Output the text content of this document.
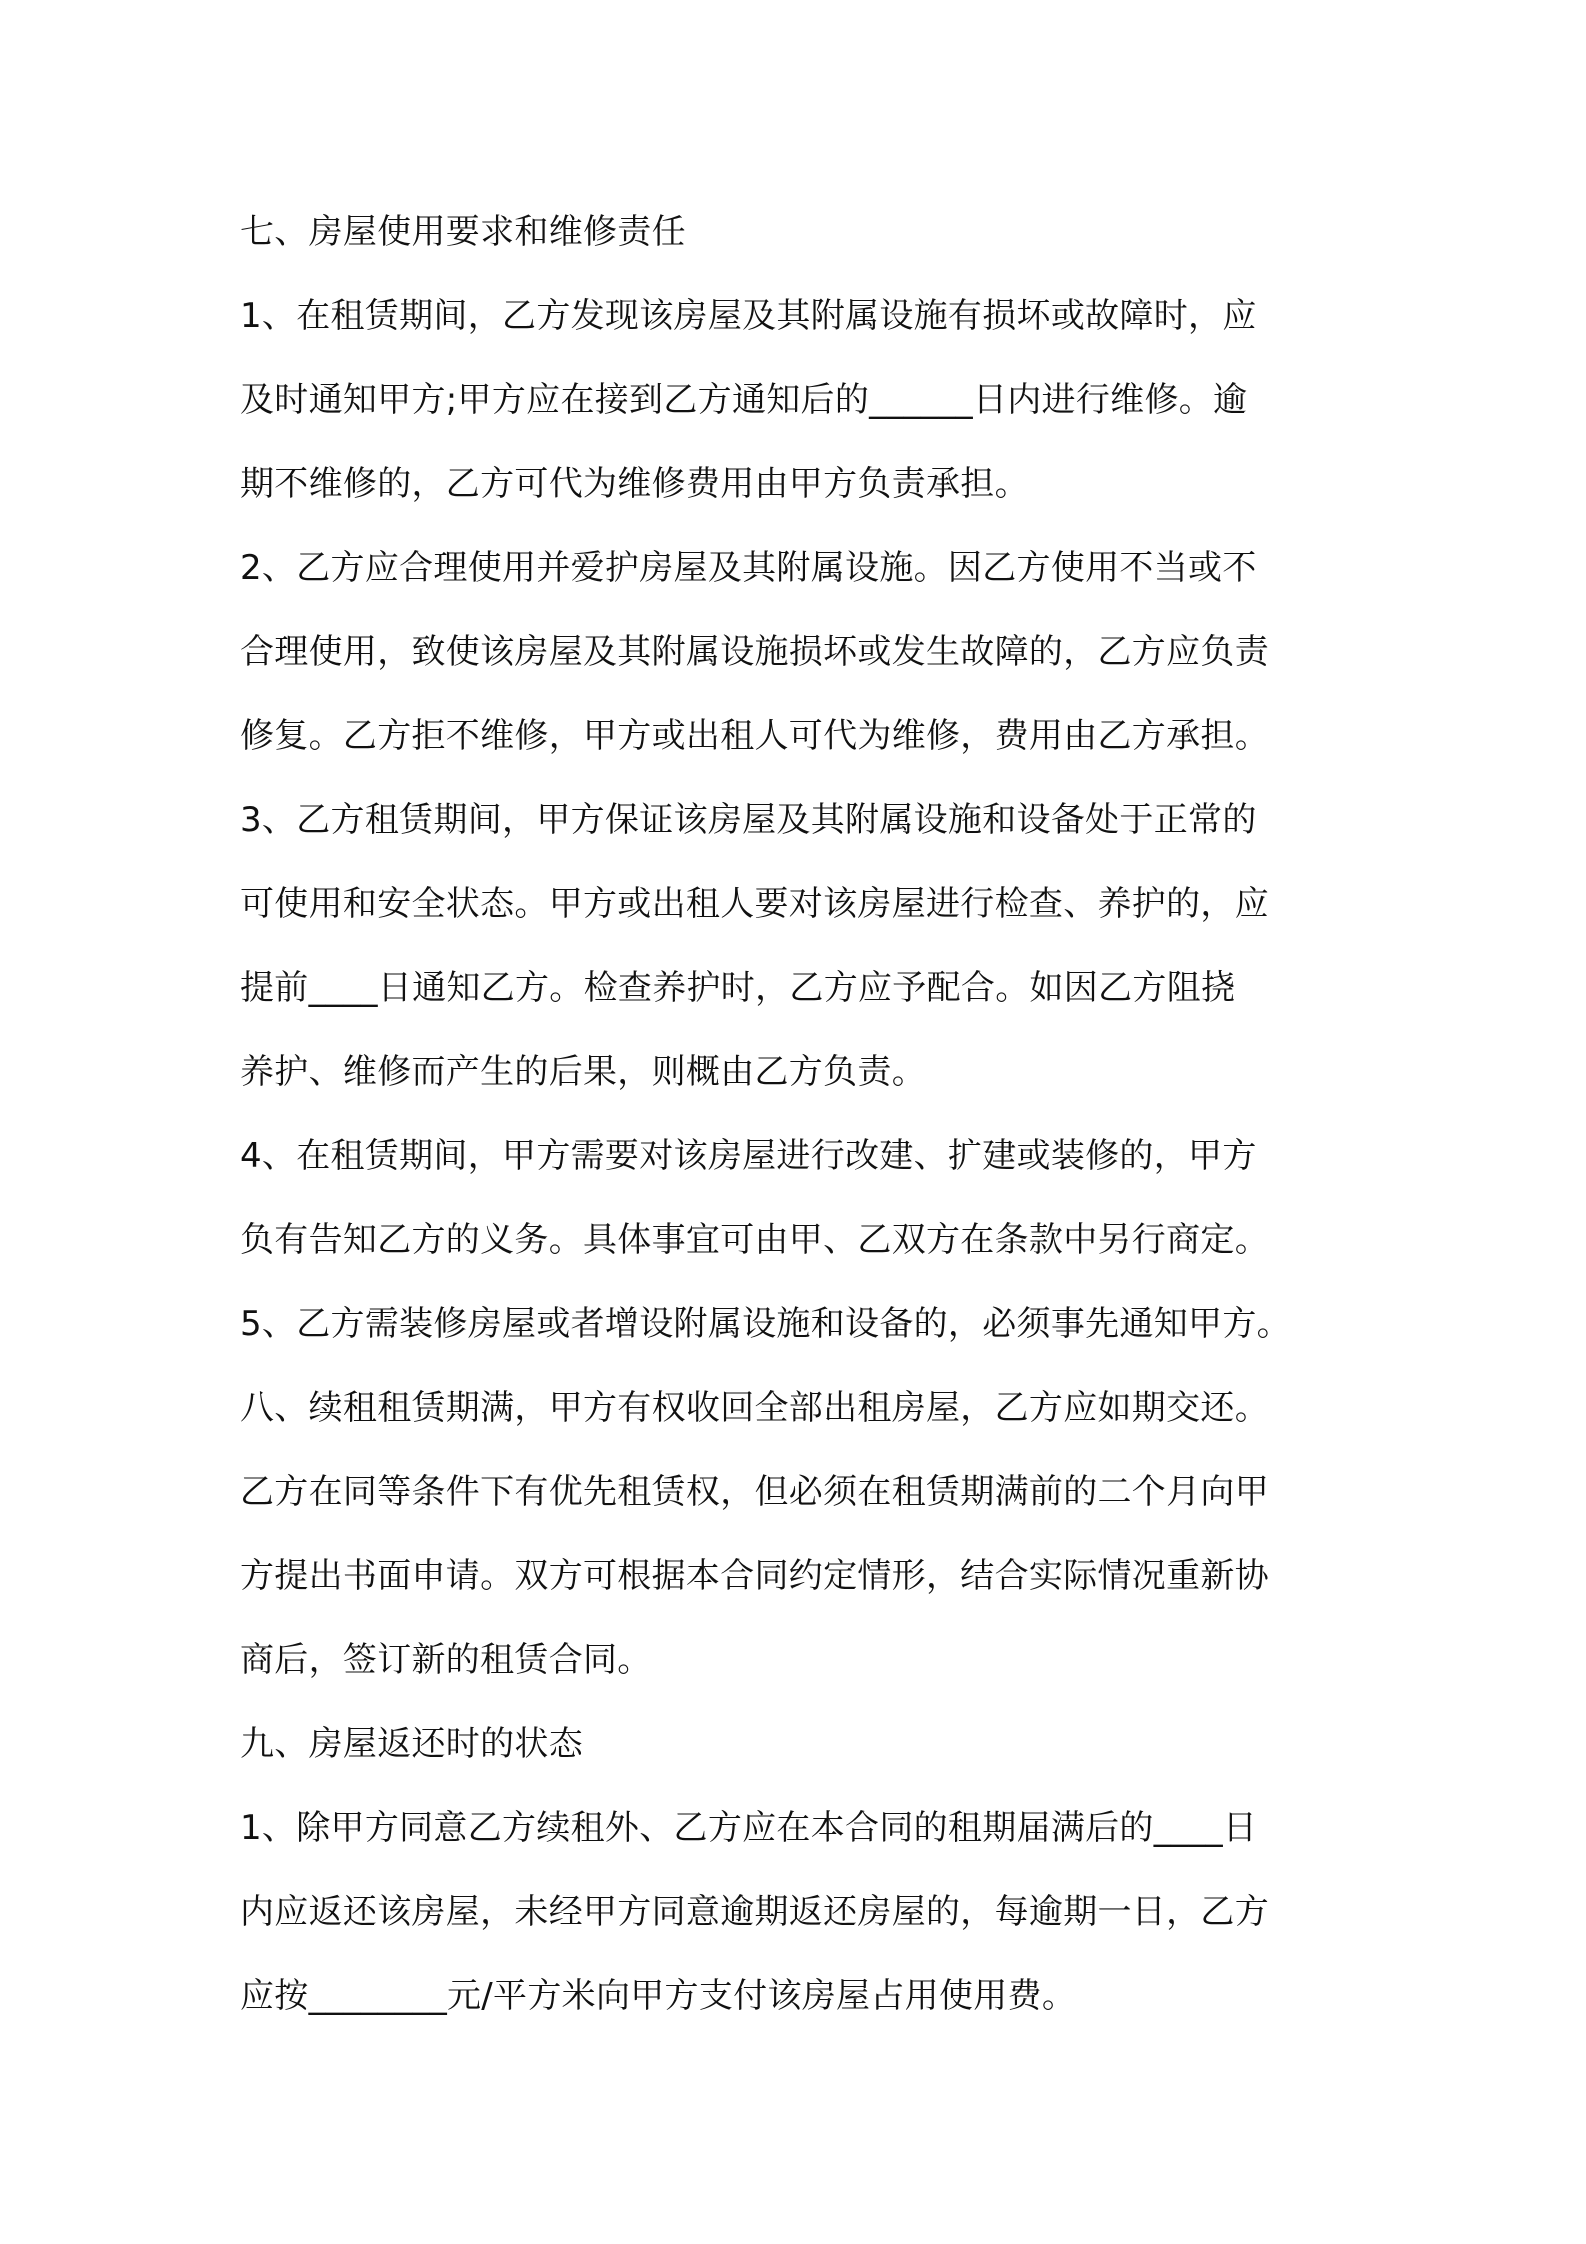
七、房屋使用要求和维修责任
1、在租赁期间，乙方发现该房屋及其附属设施有损坏或故障时，应
及时通知甲方;甲方应在接到乙方通知后的______日内进行维修。逾
期不维修的，乙方可代为维修费用由甲方负责承担。
2、乙方应合理使用并爱护房屋及其附属设施。因乙方使用不当或不
合理使用，致使该房屋及其附属设施损坏或发生故障的，乙方应负责
修复。乙方拒不维修，甲方或出租人可代为维修，费用由乙方承担。
3、乙方租赁期间，甲方保证该房屋及其附属设施和设备处于正常的
可使用和安全状态。甲方或出租人要对该房屋进行检查、养护的，应
提前____日通知乙方。检查养护时，乙方应予配合。如因乙方阻挠
养护、维修而产生的后果，则概由乙方负责。
4、在租赁期间，甲方需要对该房屋进行改建、扩建或装修的，甲方
负有告知乙方的义务。具体事宜可由甲、乙双方在条款中另行商定。
5、乙方需装修房屋或者增设附属设施和设备的，必须事先通知甲方。
八、续租租赁期满，甲方有权收回全部出租房屋，乙方应如期交还。
乙方在同等条件下有优先租赁权，但必须在租赁期满前的二个月向甲
方提出书面申请。双方可根据本合同约定情形，结合实际情况重新协
商后，签订新的租赁合同。
九、房屋返还时的状态
1、除甲方同意乙方续租外、乙方应在本合同的租期届满后的____日
内应返还该房屋，未经甲方同意逾期返还房屋的，每逾期一日，乙方
应按________元/平方米向甲方支付该房屋占用使用费。
